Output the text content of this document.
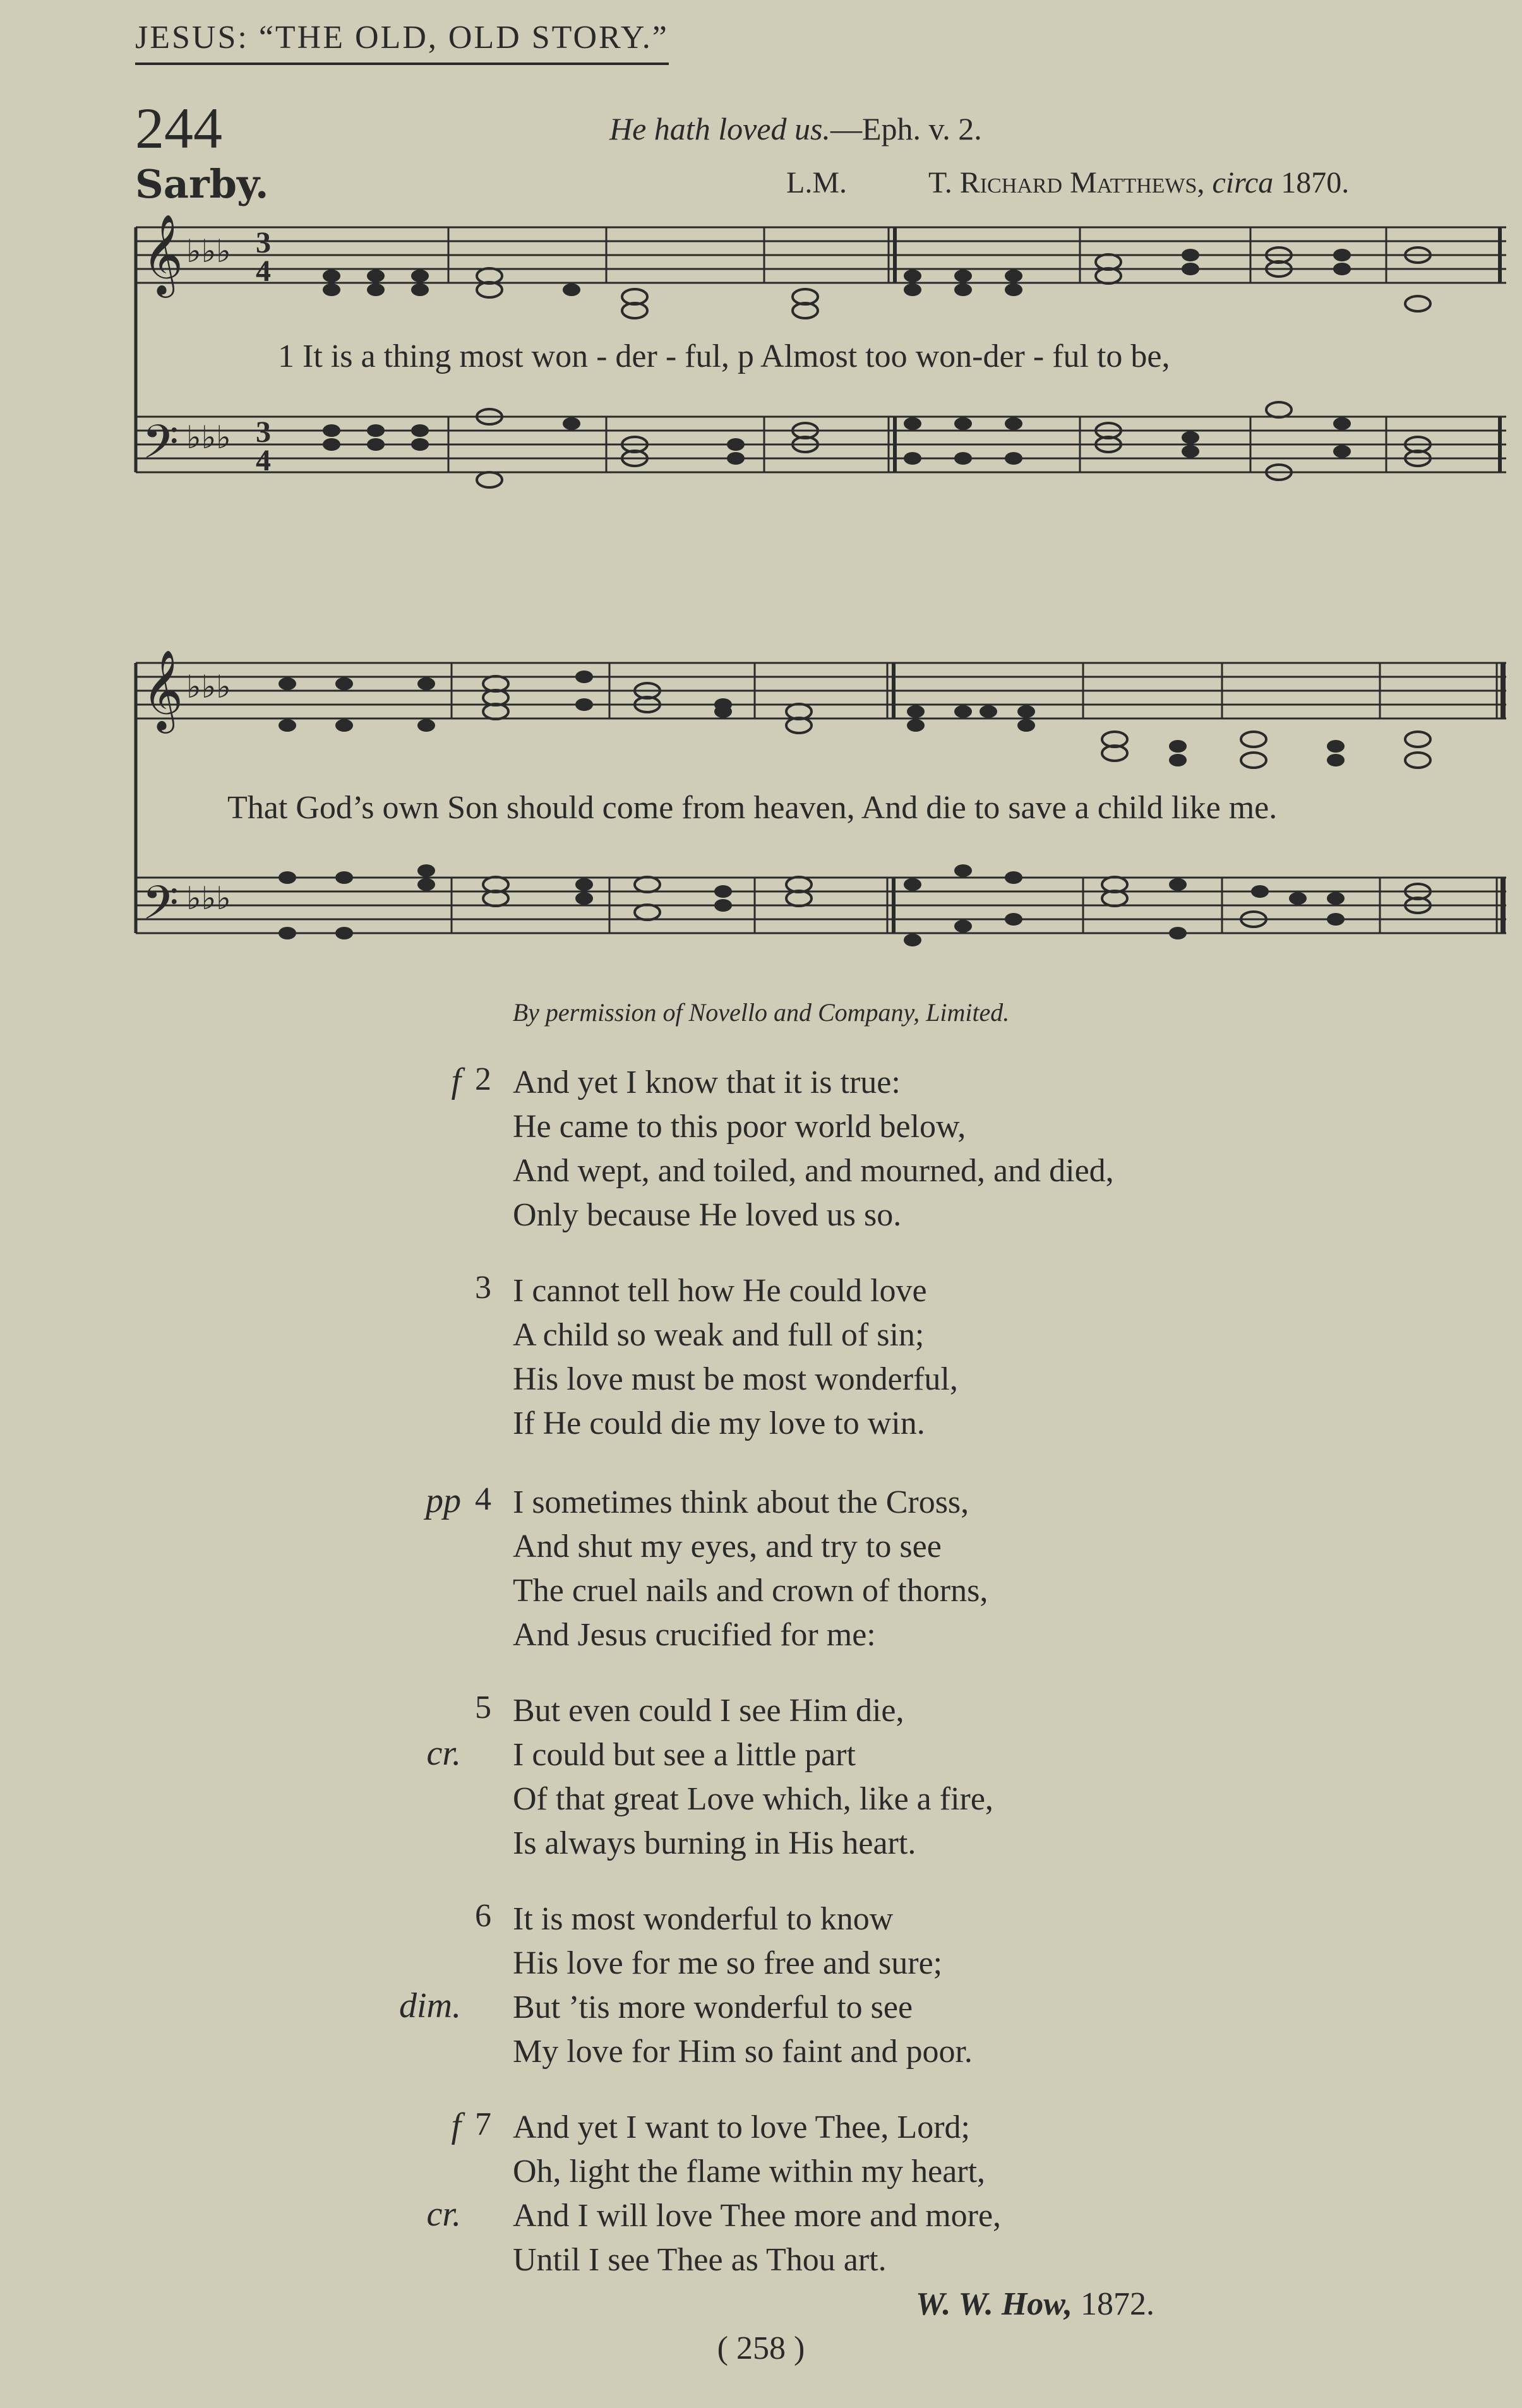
JESUS: “THE OLD, OLD STORY.”
244
Sarby.
He hath loved us.—Eph. v. 2.
L.M.	T. Richard Matthews, circa 1870.
𝄞 ♭♭♭ 3
4
𝄢 ♭♭♭ 3
4
1 It is a thing most won - der - ful, p Almost too won-der - ful to be,
𝄞 ♭♭♭
𝄢 ♭♭♭
That God’s own Son should come from heaven, And die to save a child like me.
By permission of Novello and Company, Limited.
f 2 And yet I know that it is true:
He came to this poor world below,
And wept, and toiled, and mourned, and died,
Only because He loved us so.
3 I cannot tell how He could love
A child so weak and full of sin;
His love must be most wonderful,
If He could die my love to win.
pp 4 I sometimes think about the Cross,
And shut my eyes, and try to see
The cruel nails and crown of thorns,
And Jesus crucified for me:
5
cr.
But even could I see Him die,
I could but see a little part
Of that great Love which, like a fire,
Is always burning in His heart.
6
dim.
It is most wonderful to know
His love for me so free and sure;
But ’tis more wonderful to see
My love for Him so faint and poor.
f 7
cr.
And yet I want to love Thee, Lord;
Oh, light the flame within my heart,
And I will love Thee more and more,
Until I see Thee as Thou art.
W. W. How, 1872.
( 258 )
